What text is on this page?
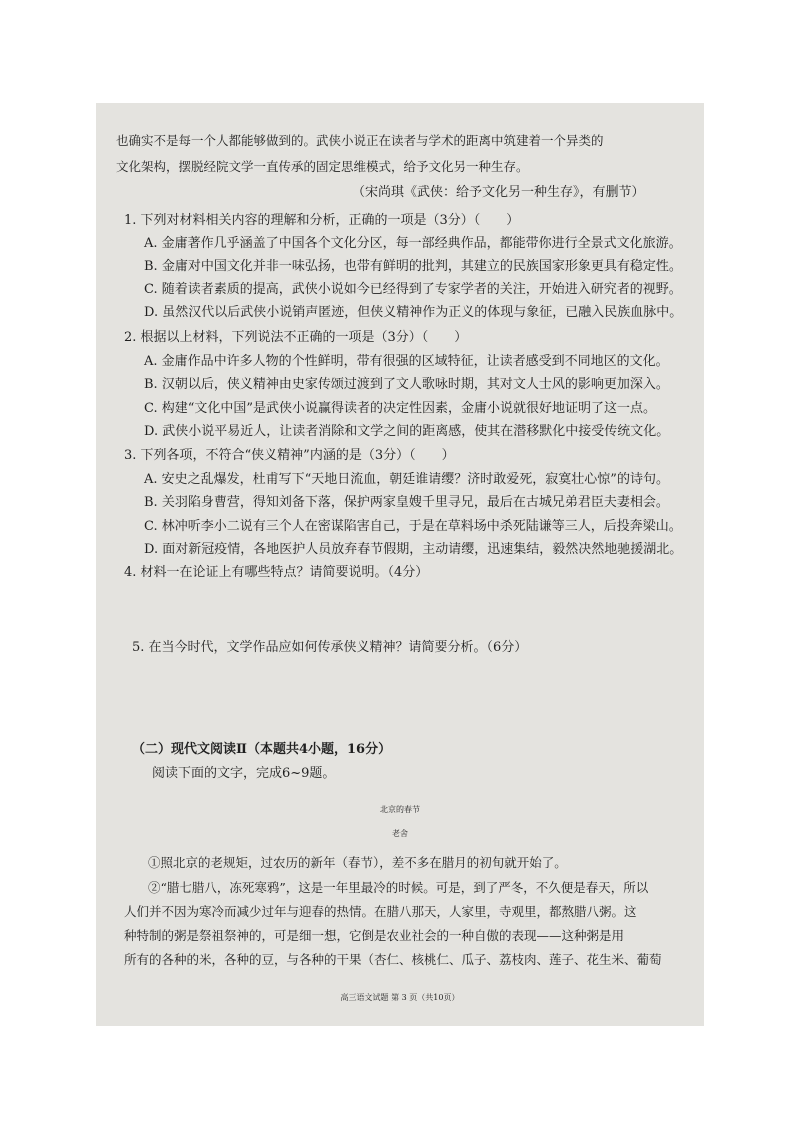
也确实不是每一个人都能够做到的。武侠小说正在读者与学术的距离中筑建着一个异类的
文化架构，摆脱经院文学一直传承的固定思维模式，给予文化另一种生存。
（宋尚琪《武侠：给予文化另一种生存》，有删节）
1. 下列对材料相关内容的理解和分析，正确的一项是（3分）（　　）
A. 金庸著作几乎涵盖了中国各个文化分区，每一部经典作品，都能带你进行全景式文化旅游。
B. 金庸对中国文化并非一味弘扬，也带有鲜明的批判，其建立的民族国家形象更具有稳定性。
C. 随着读者素质的提高，武侠小说如今已经得到了专家学者的关注，开始进入研究者的视野。
D. 虽然汉代以后武侠小说销声匿迹，但侠义精神作为正义的体现与象征，已融入民族血脉中。
2. 根据以上材料，下列说法不正确的一项是（3分）（　　）
A. 金庸作品中许多人物的个性鲜明，带有很强的区域特征，让读者感受到不同地区的文化。
B. 汉朝以后，侠义精神由史家传颂过渡到了文人歌咏时期，其对文人士风的影响更加深入。
C. 构建“文化中国”是武侠小说赢得读者的决定性因素，金庸小说就很好地证明了这一点。
D. 武侠小说平易近人，让读者消除和文学之间的距离感，使其在潜移默化中接受传统文化。
3. 下列各项，不符合“侠义精神”内涵的是（3分）（　　）
A. 安史之乱爆发，杜甫写下“天地日流血，朝廷谁请缨？济时敢爱死，寂寞壮心惊”的诗句。
B. 关羽陷身曹营，得知刘备下落，保护两家皇嫂千里寻兄，最后在古城兄弟君臣夫妻相会。
C. 林冲听李小二说有三个人在密谋陷害自己，于是在草料场中杀死陆谦等三人，后投奔梁山。
D. 面对新冠疫情，各地医护人员放弃春节假期，主动请缨，迅速集结，毅然决然地驰援湖北。
4. 材料一在论证上有哪些特点？请简要说明。（4分）
5. 在当今时代，文学作品应如何传承侠义精神？请简要分析。（6分）
（二）现代文阅读Ⅱ（本题共4小题，16分）
阅读下面的文字，完成6~9题。
北京的春节
老舍
①照北京的老规矩，过农历的新年（春节），差不多在腊月的初旬就开始了。
②“腊七腊八，冻死寒鸦”，这是一年里最冷的时候。可是，到了严冬，不久便是春天，所以
人们并不因为寒冷而减少过年与迎春的热情。在腊八那天，人家里，寺观里，都熬腊八粥。这
种特制的粥是祭祖祭神的，可是细一想，它倒是农业社会的一种自傲的表现——这种粥是用
所有的各种的米，各种的豆，与各种的干果（杏仁、核桃仁、瓜子、荔枝肉、莲子、花生米、葡萄
高三语文试题 第 3 页（共10页）
